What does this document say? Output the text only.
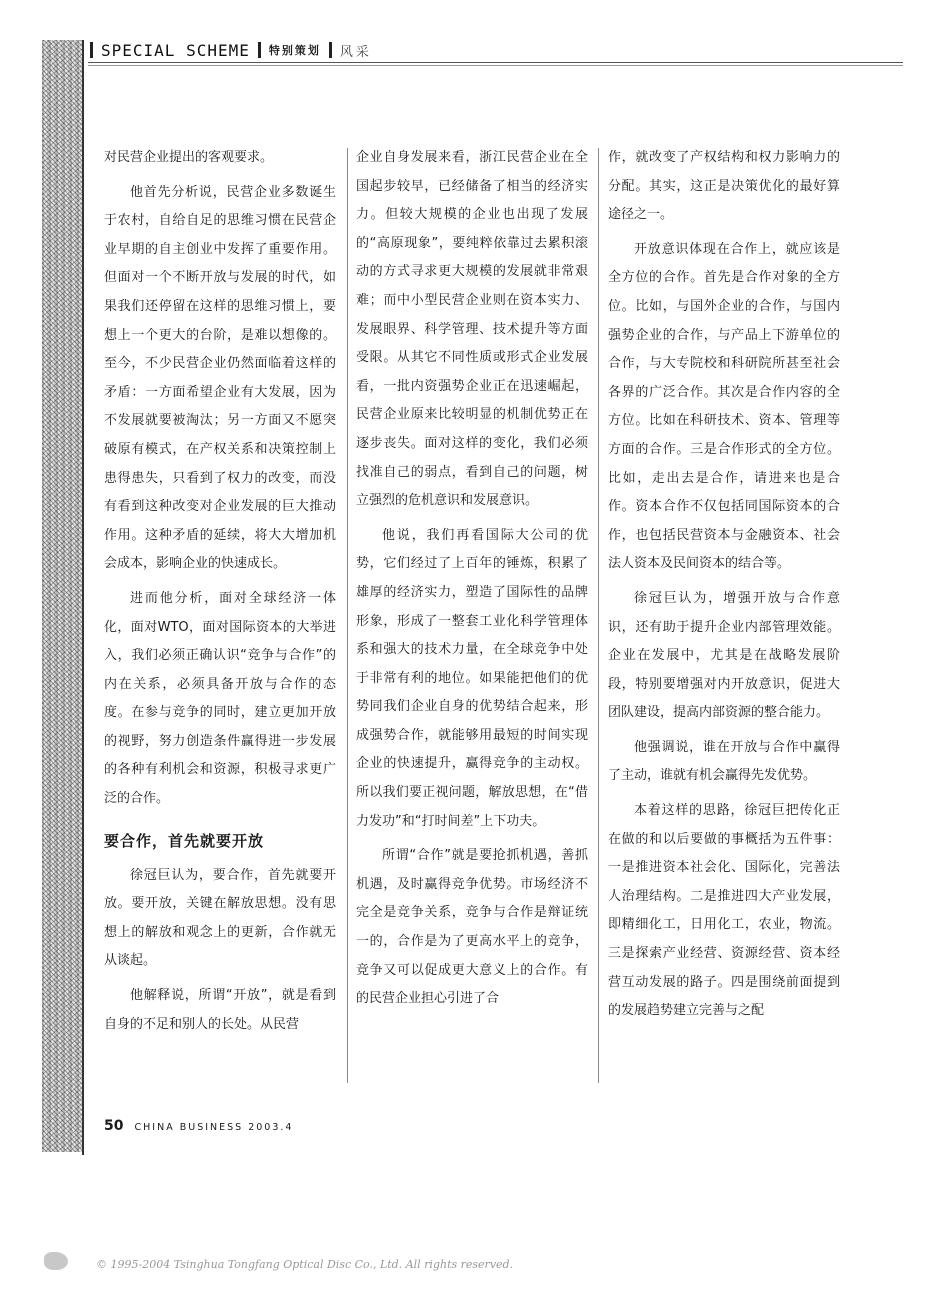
SPECIAL SCHEME 特别策划 风采

对民营企业提出的客观要求。

他首先分析说，民营企业多数诞生于农村，自给自足的思维习惯在民营企业早期的自主创业中发挥了重要作用。但面对一个不断开放与发展的时代，如果我们还停留在这样的思维习惯上，要想上一个更大的台阶，是难以想像的。至今，不少民营企业仍然面临着这样的矛盾：一方面希望企业有大发展，因为不发展就要被淘汰；另一方面又不愿突破原有模式，在产权关系和决策控制上患得患失，只看到了权力的改变，而没有看到这种改变对企业发展的巨大推动作用。这种矛盾的延续，将大大增加机会成本，影响企业的快速成长。

进而他分析，面对全球经济一体化，面对WTO，面对国际资本的大举进入，我们必须正确认识“竞争与合作”的内在关系，必须具备开放与合作的态度。在参与竞争的同时，建立更加开放的视野，努力创造条件赢得进一步发展的各种有利机会和资源，积极寻求更广泛的合作。

要合作，首先就要开放

徐冠巨认为，要合作，首先就要开放。要开放，关键在解放思想。没有思想上的解放和观念上的更新，合作就无从谈起。

他解释说，所谓“开放”，就是看到自身的不足和别人的长处。从民营

企业自身发展来看，浙江民营企业在全国起步较早，已经储备了相当的经济实力。但较大规模的企业也出现了发展的“高原现象”，要纯粹依靠过去累积滚动的方式寻求更大规模的发展就非常艰难；而中小型民营企业则在资本实力、发展眼界、科学管理、技术提升等方面受限。从其它不同性质或形式企业发展看，一批内资强势企业正在迅速崛起，民营企业原来比较明显的机制优势正在逐步丧失。面对这样的变化，我们必须找准自己的弱点，看到自己的问题，树立强烈的危机意识和发展意识。

他说，我们再看国际大公司的优势，它们经过了上百年的锤炼，积累了雄厚的经济实力，塑造了国际性的品牌形象，形成了一整套工业化科学管理体系和强大的技术力量，在全球竞争中处于非常有利的地位。如果能把他们的优势同我们企业自身的优势结合起来，形成强势合作，就能够用最短的时间实现企业的快速提升，赢得竞争的主动权。所以我们要正视问题，解放思想，在“借力发功”和“打时间差”上下功夫。

所谓“合作”就是要抢抓机遇，善抓机遇，及时赢得竞争优势。市场经济不完全是竞争关系，竞争与合作是辩证统一的，合作是为了更高水平上的竞争，竞争又可以促成更大意义上的合作。有的民营企业担心引进了合

作，就改变了产权结构和权力影响力的分配。其实，这正是决策优化的最好算途径之一。

开放意识体现在合作上，就应该是全方位的合作。首先是合作对象的全方位。比如，与国外企业的合作，与国内强势企业的合作，与产品上下游单位的合作，与大专院校和科研院所甚至社会各界的广泛合作。其次是合作内容的全方位。比如在科研技术、资本、管理等方面的合作。三是合作形式的全方位。比如，走出去是合作，请进来也是合作。资本合作不仅包括同国际资本的合作，也包括民营资本与金融资本、社会法人资本及民间资本的结合等。

徐冠巨认为，增强开放与合作意识，还有助于提升企业内部管理效能。企业在发展中，尤其是在战略发展阶段，特别要增强对内开放意识，促进大团队建设，提高内部资源的整合能力。

他强调说，谁在开放与合作中赢得了主动，谁就有机会赢得先发优势。

本着这样的思路，徐冠巨把传化正在做的和以后要做的事概括为五件事：一是推进资本社会化、国际化，完善法人治理结构。二是推进四大产业发展，即精细化工，日用化工，农业，物流。三是探索产业经营、资源经营、资本经营互动发展的路子。四是围绕前面提到的发展趋势建立完善与之配

50 CHINA BUSINESS 2003.4
© 1995-2004 Tsinghua Tongfang Optical Disc Co., Ltd. All rights reserved.
